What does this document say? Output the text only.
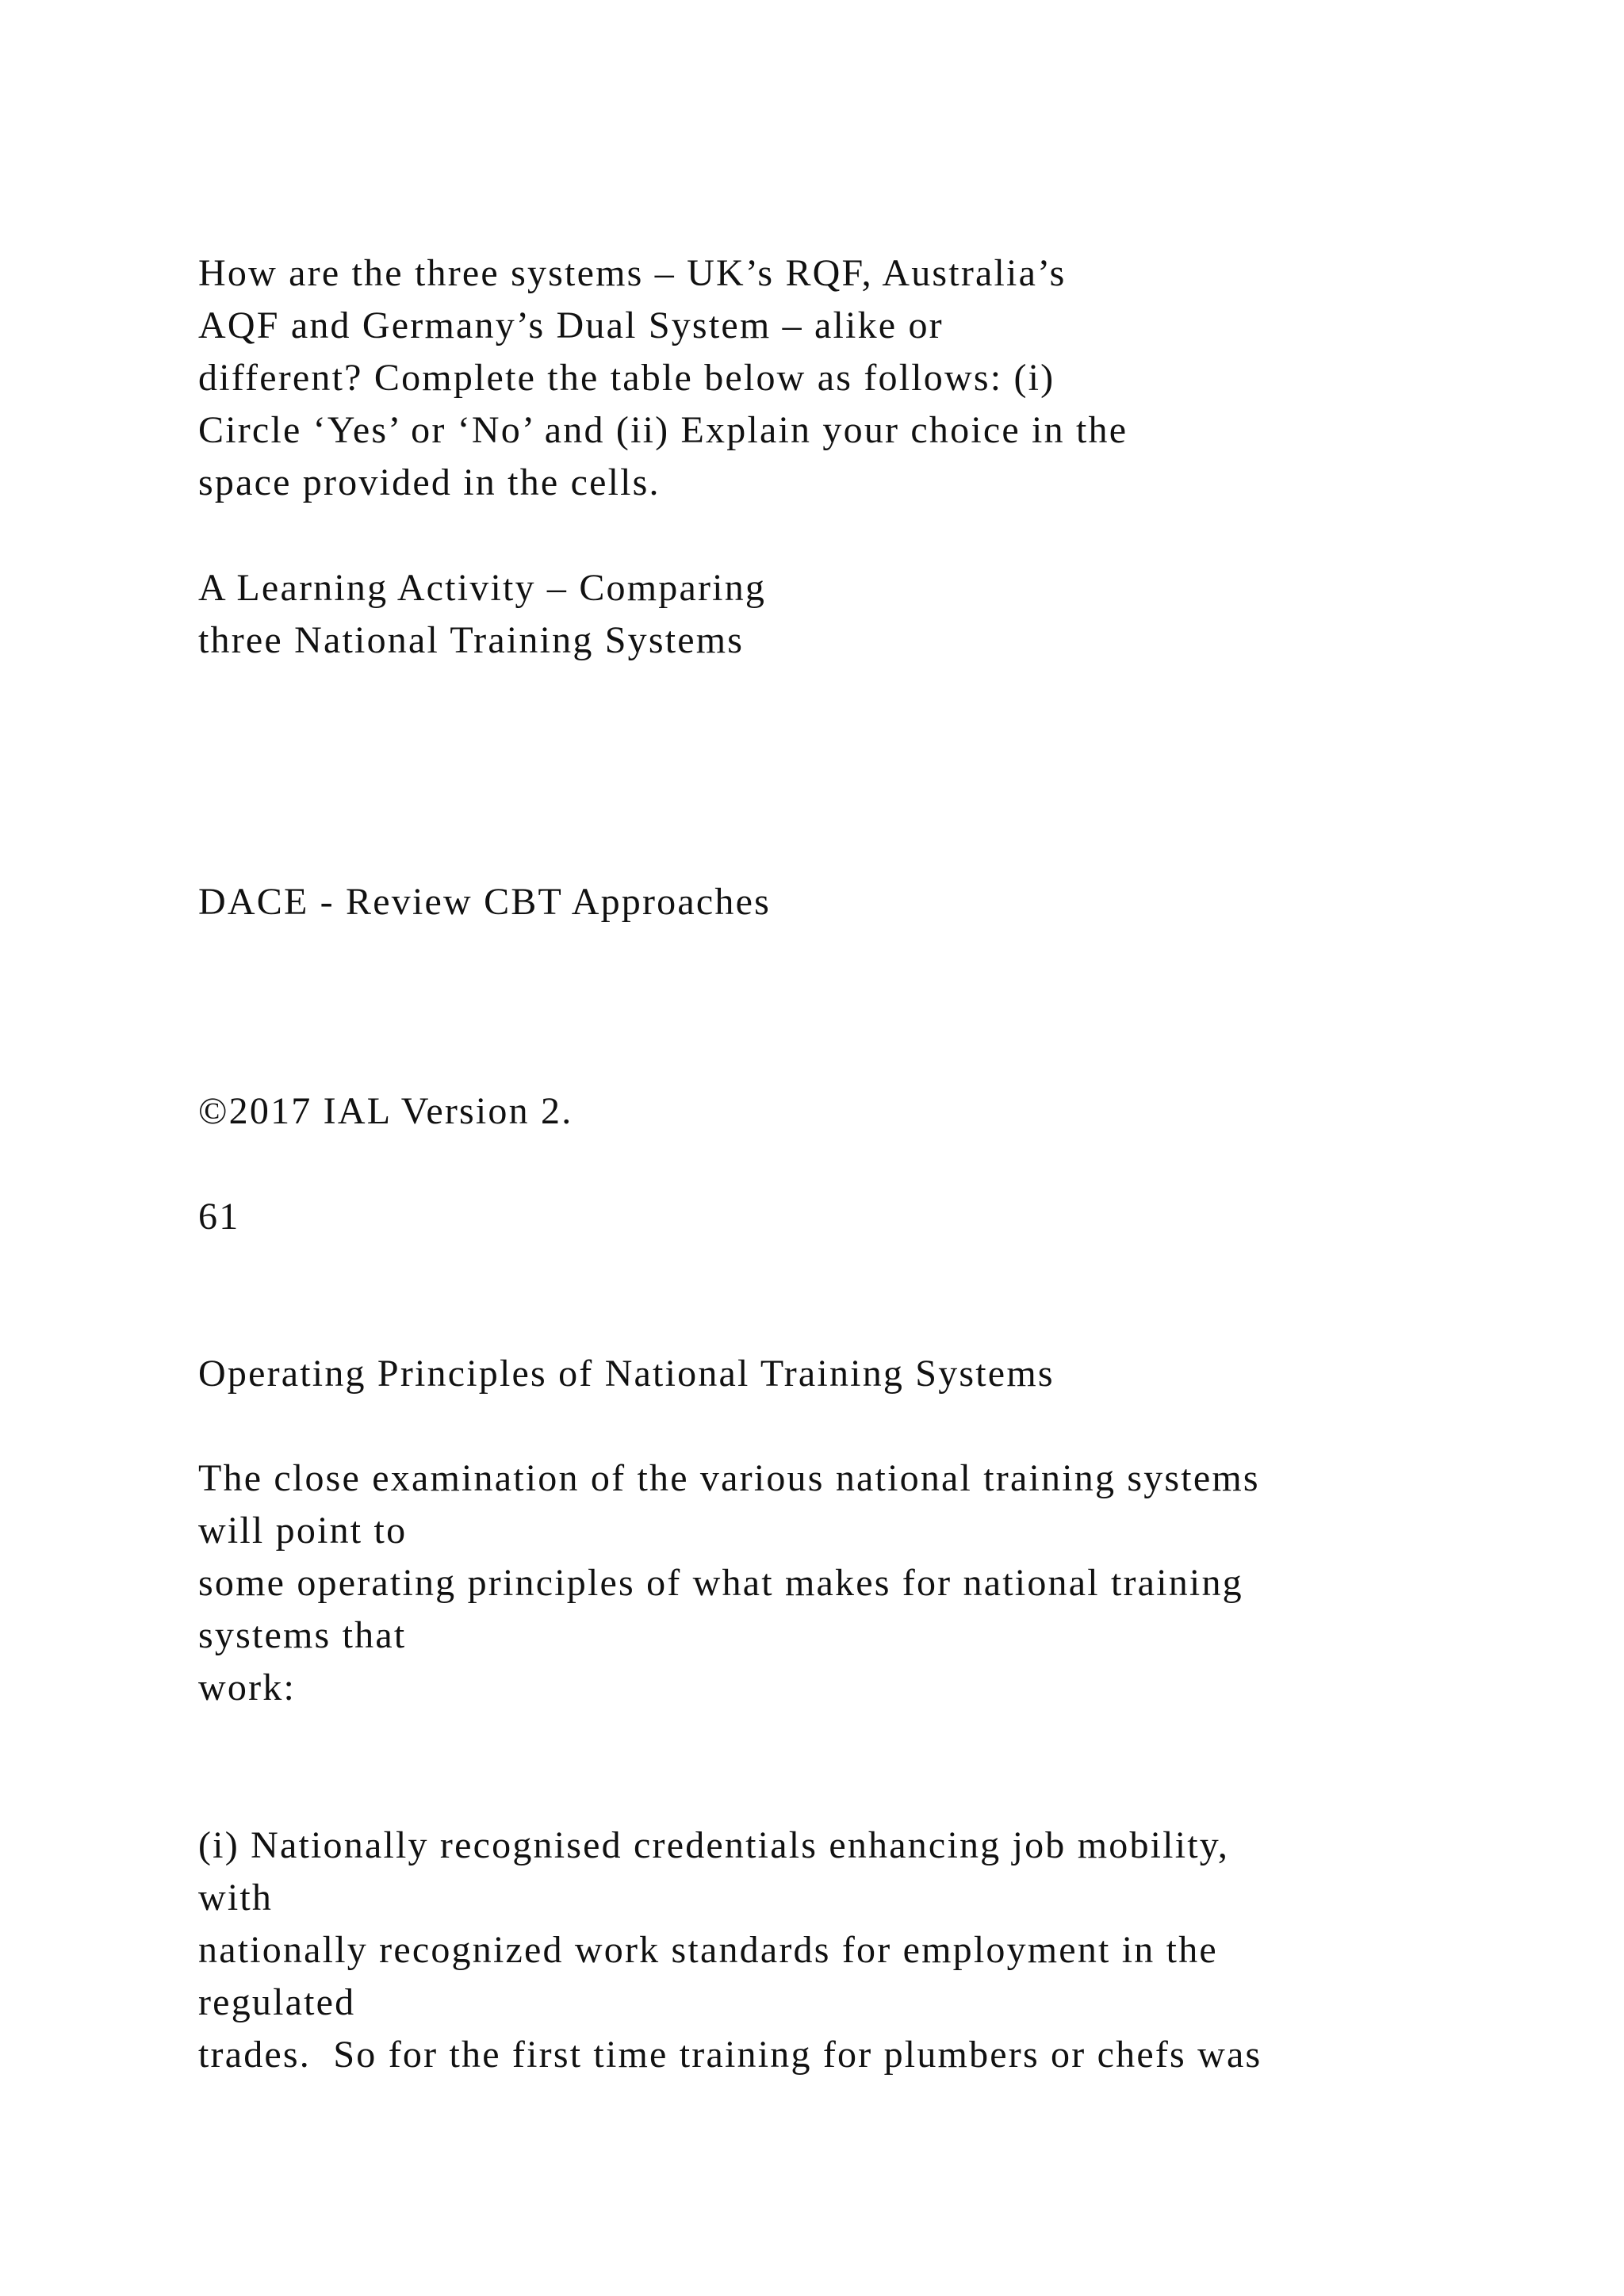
How are the three systems – UK’s RQF, Australia’s
AQF and Germany’s Dual System – alike or
different? Complete the table below as follows: (i)
Circle ‘Yes’ or ‘No’ and (ii) Explain your choice in the
space provided in the cells.
A Learning Activity – Comparing
three National Training Systems
DACE - Review CBT Approaches
©2017 IAL Version 2.
61
Operating Principles of National Training Systems
The close examination of the various national training systems
will point to
some operating principles of what makes for national training
systems that
work:
(i) Nationally recognised credentials enhancing job mobility,
with
nationally recognized work standards for employment in the
regulated
trades.  So for the first time training for plumbers or chefs was
